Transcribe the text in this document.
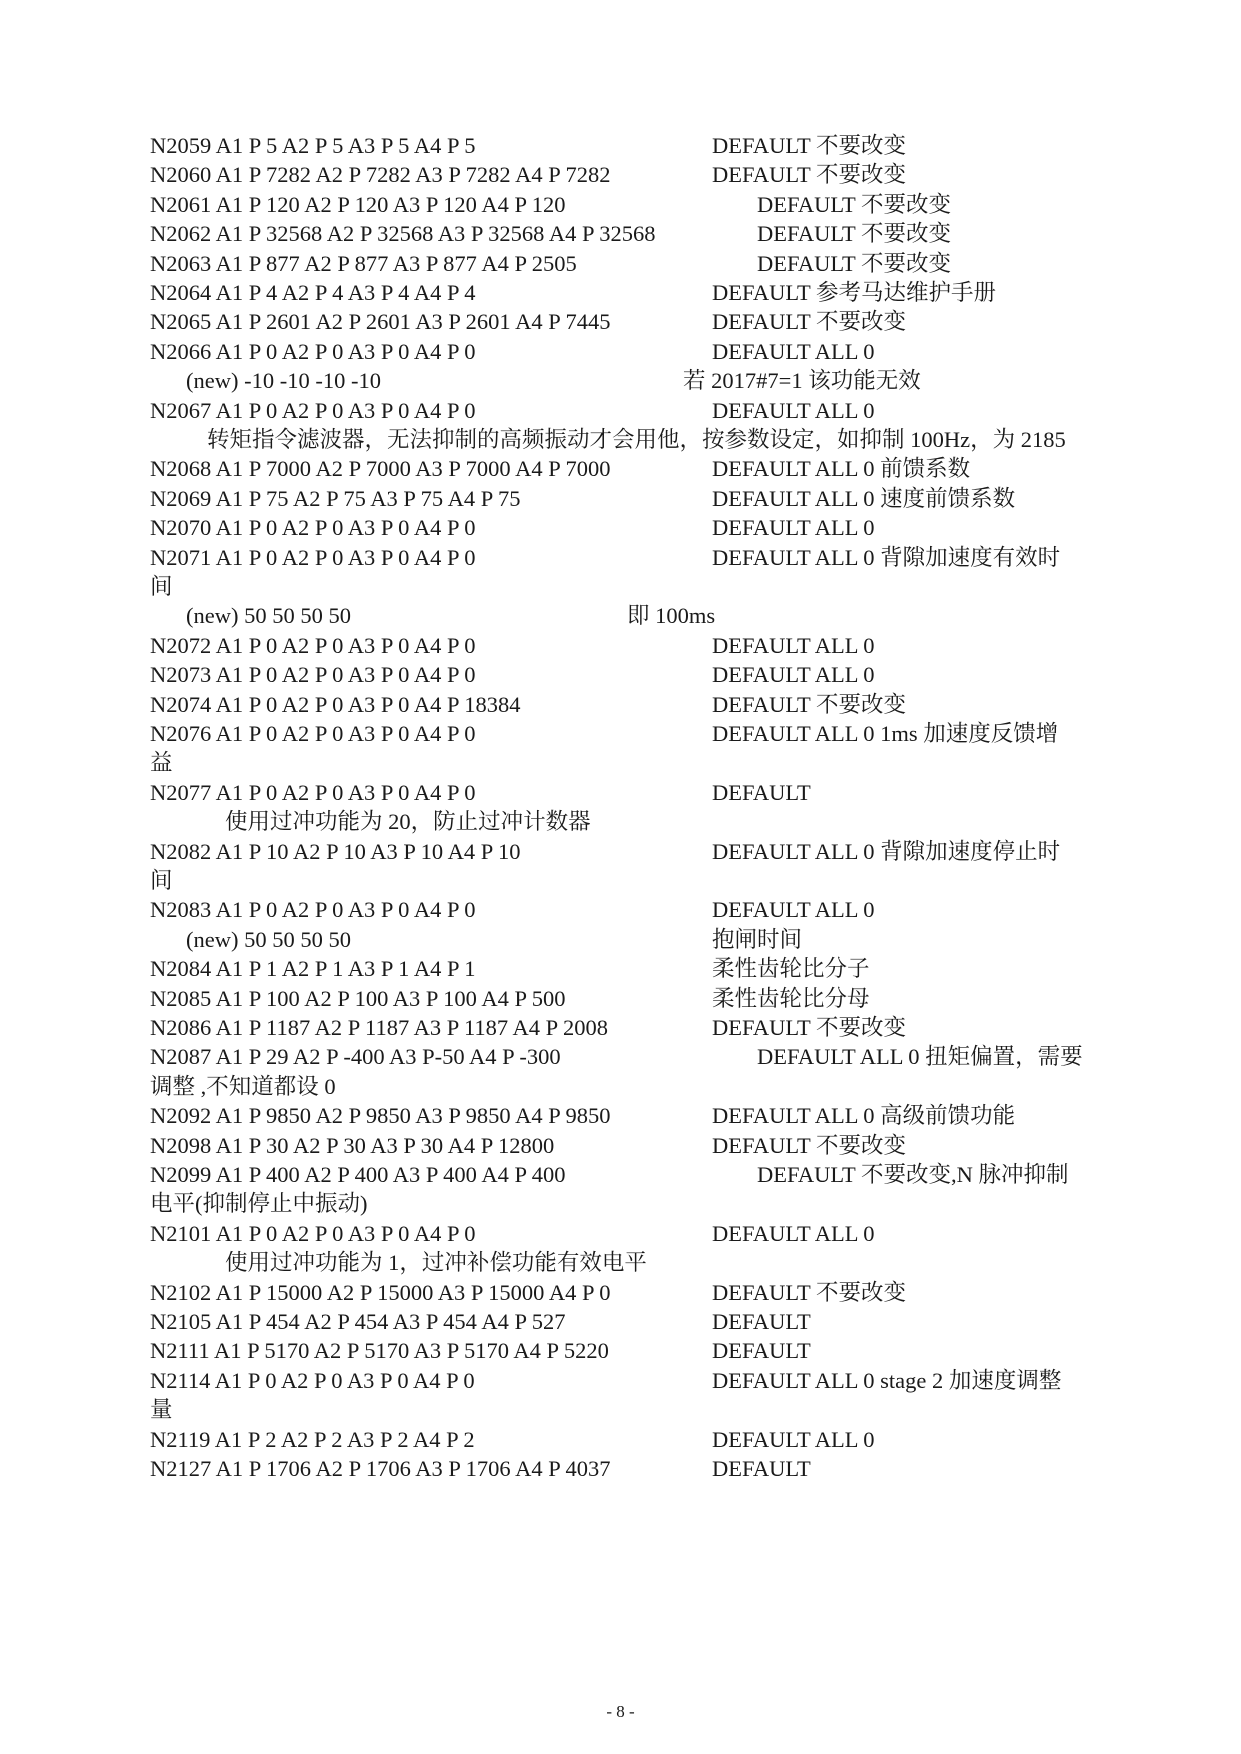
N2059 A1 P 5 A2 P 5 A3 P 5 A4 P 5	DEFAULT 不要改变
N2060 A1 P 7282 A2 P 7282 A3 P 7282 A4 P 7282	DEFAULT 不要改变
N2061 A1 P 120 A2 P 120 A3 P 120 A4 P 120	DEFAULT 不要改变
N2062 A1 P 32568 A2 P 32568 A3 P 32568 A4 P 32568	DEFAULT 不要改变
N2063 A1 P 877 A2 P 877 A3 P 877 A4 P 2505	DEFAULT 不要改变
N2064 A1 P 4 A2 P 4 A3 P 4 A4 P 4	DEFAULT 参考马达维护手册
N2065 A1 P 2601 A2 P 2601 A3 P 2601 A4 P 7445	DEFAULT 不要改变
N2066 A1 P 0 A2 P 0 A3 P 0 A4 P 0	DEFAULT ALL 0
(new) -10 -10 -10 -10	若 2017#7=1 该功能无效
N2067 A1 P 0 A2 P 0 A3 P 0 A4 P 0	DEFAULT ALL 0
转矩指令滤波器，无法抑制的高频振动才会用他，按参数设定，如抑制 100Hz，为 2185
N2068 A1 P 7000 A2 P 7000 A3 P 7000 A4 P 7000	DEFAULT ALL 0 前馈系数
N2069 A1 P 75 A2 P 75 A3 P 75 A4 P 75	DEFAULT ALL 0 速度前馈系数
N2070 A1 P 0 A2 P 0 A3 P 0 A4 P 0	DEFAULT ALL 0
N2071 A1 P 0 A2 P 0 A3 P 0 A4 P 0	DEFAULT ALL 0 背隙加速度有效时
间
(new) 50 50 50 50	即 100ms
N2072 A1 P 0 A2 P 0 A3 P 0 A4 P 0	DEFAULT ALL 0
N2073 A1 P 0 A2 P 0 A3 P 0 A4 P 0	DEFAULT ALL 0
N2074 A1 P 0 A2 P 0 A3 P 0 A4 P 18384	DEFAULT 不要改变
N2076 A1 P 0 A2 P 0 A3 P 0 A4 P 0	DEFAULT ALL 0 1ms 加速度反馈增
益
N2077 A1 P 0 A2 P 0 A3 P 0 A4 P 0	DEFAULT
使用过冲功能为 20，防止过冲计数器
N2082 A1 P 10 A2 P 10 A3 P 10 A4 P 10	DEFAULT ALL 0 背隙加速度停止时
间
N2083 A1 P 0 A2 P 0 A3 P 0 A4 P 0	DEFAULT ALL 0
(new) 50 50 50 50	抱闸时间
N2084 A1 P 1 A2 P 1 A3 P 1 A4 P 1	柔性齿轮比分子
N2085 A1 P 100 A2 P 100 A3 P 100 A4 P 500	柔性齿轮比分母
N2086 A1 P 1187 A2 P 1187 A3 P 1187 A4 P 2008	DEFAULT 不要改变
N2087 A1 P 29 A2 P -400 A3 P-50 A4 P -300	DEFAULT ALL 0 扭矩偏置，需要
调整 ,不知道都设 0
N2092 A1 P 9850 A2 P 9850 A3 P 9850 A4 P 9850	DEFAULT ALL 0 高级前馈功能
N2098 A1 P 30 A2 P 30 A3 P 30 A4 P 12800	DEFAULT 不要改变
N2099 A1 P 400 A2 P 400 A3 P 400 A4 P 400	DEFAULT 不要改变,N 脉冲抑制
电平(抑制停止中振动)
N2101 A1 P 0 A2 P 0 A3 P 0 A4 P 0	DEFAULT ALL 0
使用过冲功能为 1，过冲补偿功能有效电平
N2102 A1 P 15000 A2 P 15000 A3 P 15000 A4 P 0	DEFAULT 不要改变
N2105 A1 P 454 A2 P 454 A3 P 454 A4 P 527	DEFAULT
N2111 A1 P 5170 A2 P 5170 A3 P 5170 A4 P 5220	DEFAULT
N2114 A1 P 0 A2 P 0 A3 P 0 A4 P 0	DEFAULT ALL 0 stage 2 加速度调整
量
N2119 A1 P 2 A2 P 2 A3 P 2 A4 P 2	DEFAULT ALL 0
N2127 A1 P 1706 A2 P 1706 A3 P 1706 A4 P 4037	DEFAULT
- 8 -
